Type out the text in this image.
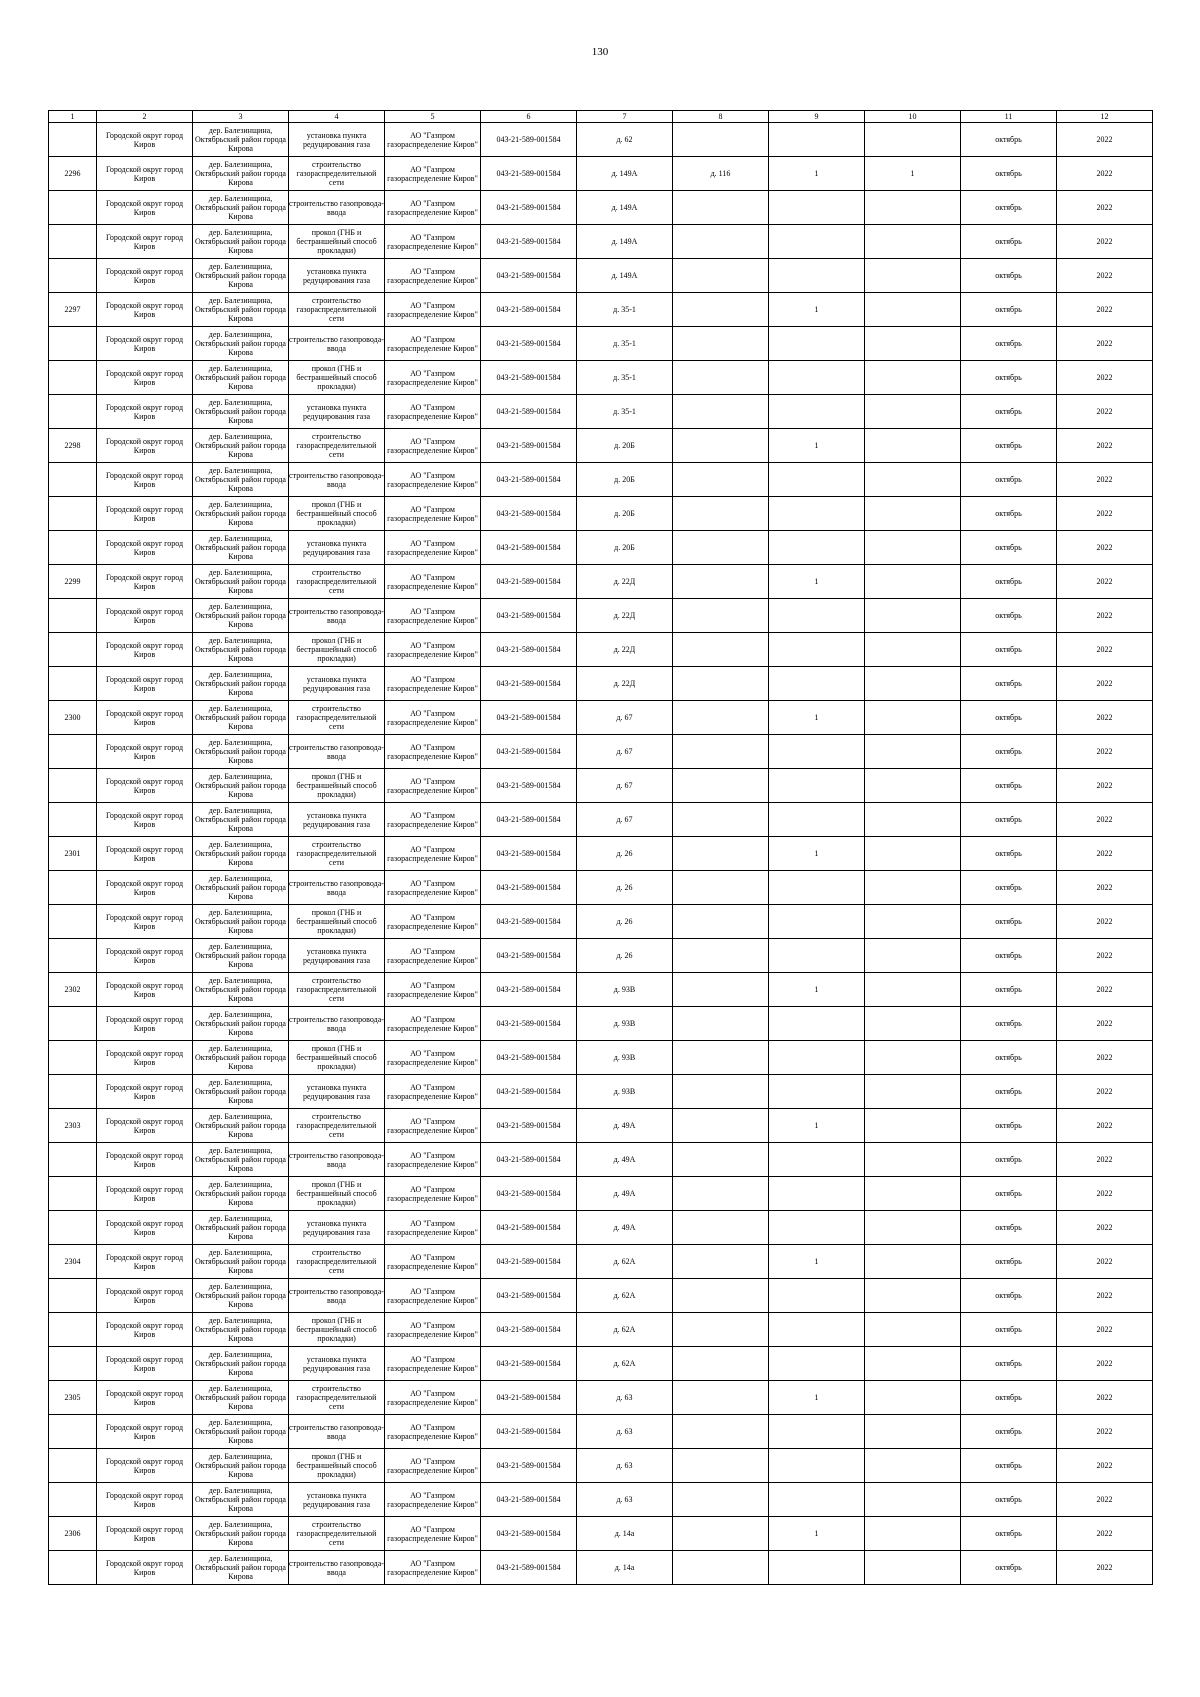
130
1	2	3	4	5	6	7	8	9	10	11	12
	Городской округ город Киров	дер. Балезинщина, Октябрьский район города Кирова	установка пункта редуцирования газа	АО "Газпром газораспределение Киров"	043-21-589-001584	д. 62				октябрь	2022
2296	Городской округ город Киров	дер. Балезинщина, Октябрьский район города Кирова	строительство газораспределительной сети	АО "Газпром газораспределение Киров"	043-21-589-001584	д. 149А	д. 116	1	1	октябрь	2022
	Городской округ город Киров	дер. Балезинщина, Октябрьский район города Кирова	строительство газопровода-ввода	АО "Газпром газораспределение Киров"	043-21-589-001584	д. 149А				октябрь	2022
	Городской округ город Киров	дер. Балезинщина, Октябрьский район города Кирова	прокол (ГНБ и бестраншейный способ прокладки)	АО "Газпром газораспределение Киров"	043-21-589-001584	д. 149А				октябрь	2022
	Городской округ город Киров	дер. Балезинщина, Октябрьский район города Кирова	установка пункта редуцирования газа	АО "Газпром газораспределение Киров"	043-21-589-001584	д. 149А				октябрь	2022
2297	Городской округ город Киров	дер. Балезинщина, Октябрьский район города Кирова	строительство газораспределительной сети	АО "Газпром газораспределение Киров"	043-21-589-001584	д. 35-1		1		октябрь	2022
	Городской округ город Киров	дер. Балезинщина, Октябрьский район города Кирова	строительство газопровода-ввода	АО "Газпром газораспределение Киров"	043-21-589-001584	д. 35-1				октябрь	2022
	Городской округ город Киров	дер. Балезинщина, Октябрьский район города Кирова	прокол (ГНБ и бестраншейный способ прокладки)	АО "Газпром газораспределение Киров"	043-21-589-001584	д. 35-1				октябрь	2022
	Городской округ город Киров	дер. Балезинщина, Октябрьский район города Кирова	установка пункта редуцирования газа	АО "Газпром газораспределение Киров"	043-21-589-001584	д. 35-1				октябрь	2022
2298	Городской округ город Киров	дер. Балезинщина, Октябрьский район города Кирова	строительство газораспределительной сети	АО "Газпром газораспределение Киров"	043-21-589-001584	д. 20Б		1		октябрь	2022
	Городской округ город Киров	дер. Балезинщина, Октябрьский район города Кирова	строительство газопровода-ввода	АО "Газпром газораспределение Киров"	043-21-589-001584	д. 20Б				октябрь	2022
	Городской округ город Киров	дер. Балезинщина, Октябрьский район города Кирова	прокол (ГНБ и бестраншейный способ прокладки)	АО "Газпром газораспределение Киров"	043-21-589-001584	д. 20Б				октябрь	2022
	Городской округ город Киров	дер. Балезинщина, Октябрьский район города Кирова	установка пункта редуцирования газа	АО "Газпром газораспределение Киров"	043-21-589-001584	д. 20Б				октябрь	2022
2299	Городской округ город Киров	дер. Балезинщина, Октябрьский район города Кирова	строительство газораспределительной сети	АО "Газпром газораспределение Киров"	043-21-589-001584	д. 22Д		1		октябрь	2022
	Городской округ город Киров	дер. Балезинщина, Октябрьский район города Кирова	строительство газопровода-ввода	АО "Газпром газораспределение Киров"	043-21-589-001584	д. 22Д				октябрь	2022
	Городской округ город Киров	дер. Балезинщина, Октябрьский район города Кирова	прокол (ГНБ и бестраншейный способ прокладки)	АО "Газпром газораспределение Киров"	043-21-589-001584	д. 22Д				октябрь	2022
	Городской округ город Киров	дер. Балезинщина, Октябрьский район города Кирова	установка пункта редуцирования газа	АО "Газпром газораспределение Киров"	043-21-589-001584	д. 22Д				октябрь	2022
2300	Городской округ город Киров	дер. Балезинщина, Октябрьский район города Кирова	строительство газораспределительной сети	АО "Газпром газораспределение Киров"	043-21-589-001584	д. 67		1		октябрь	2022
	Городской округ город Киров	дер. Балезинщина, Октябрьский район города Кирова	строительство газопровода-ввода	АО "Газпром газораспределение Киров"	043-21-589-001584	д. 67				октябрь	2022
	Городской округ город Киров	дер. Балезинщина, Октябрьский район города Кирова	прокол (ГНБ и бестраншейный способ прокладки)	АО "Газпром газораспределение Киров"	043-21-589-001584	д. 67				октябрь	2022
	Городской округ город Киров	дер. Балезинщина, Октябрьский район города Кирова	установка пункта редуцирования газа	АО "Газпром газораспределение Киров"	043-21-589-001584	д. 67				октябрь	2022
2301	Городской округ город Киров	дер. Балезинщина, Октябрьский район города Кирова	строительство газораспределительной сети	АО "Газпром газораспределение Киров"	043-21-589-001584	д. 26		1		октябрь	2022
	Городской округ город Киров	дер. Балезинщина, Октябрьский район города Кирова	строительство газопровода-ввода	АО "Газпром газораспределение Киров"	043-21-589-001584	д. 26				октябрь	2022
	Городской округ город Киров	дер. Балезинщина, Октябрьский район города Кирова	прокол (ГНБ и бестраншейный способ прокладки)	АО "Газпром газораспределение Киров"	043-21-589-001584	д. 26				октябрь	2022
	Городской округ город Киров	дер. Балезинщина, Октябрьский район города Кирова	установка пункта редуцирования газа	АО "Газпром газораспределение Киров"	043-21-589-001584	д. 26				октябрь	2022
2302	Городской округ город Киров	дер. Балезинщина, Октябрьский район города Кирова	строительство газораспределительной сети	АО "Газпром газораспределение Киров"	043-21-589-001584	д. 93В		1		октябрь	2022
	Городской округ город Киров	дер. Балезинщина, Октябрьский район города Кирова	строительство газопровода-ввода	АО "Газпром газораспределение Киров"	043-21-589-001584	д. 93В				октябрь	2022
	Городской округ город Киров	дер. Балезинщина, Октябрьский район города Кирова	прокол (ГНБ и бестраншейный способ прокладки)	АО "Газпром газораспределение Киров"	043-21-589-001584	д. 93В				октябрь	2022
	Городской округ город Киров	дер. Балезинщина, Октябрьский район города Кирова	установка пункта редуцирования газа	АО "Газпром газораспределение Киров"	043-21-589-001584	д. 93В				октябрь	2022
2303	Городской округ город Киров	дер. Балезинщина, Октябрьский район города Кирова	строительство газораспределительной сети	АО "Газпром газораспределение Киров"	043-21-589-001584	д. 49А		1		октябрь	2022
	Городской округ город Киров	дер. Балезинщина, Октябрьский район города Кирова	строительство газопровода-ввода	АО "Газпром газораспределение Киров"	043-21-589-001584	д. 49А				октябрь	2022
	Городской округ город Киров	дер. Балезинщина, Октябрьский район города Кирова	прокол (ГНБ и бестраншейный способ прокладки)	АО "Газпром газораспределение Киров"	043-21-589-001584	д. 49А				октябрь	2022
	Городской округ город Киров	дер. Балезинщина, Октябрьский район города Кирова	установка пункта редуцирования газа	АО "Газпром газораспределение Киров"	043-21-589-001584	д. 49А				октябрь	2022
2304	Городской округ город Киров	дер. Балезинщина, Октябрьский район города Кирова	строительство газораспределительной сети	АО "Газпром газораспределение Киров"	043-21-589-001584	д. 62А		1		октябрь	2022
	Городской округ город Киров	дер. Балезинщина, Октябрьский район города Кирова	строительство газопровода-ввода	АО "Газпром газораспределение Киров"	043-21-589-001584	д. 62А				октябрь	2022
	Городской округ город Киров	дер. Балезинщина, Октябрьский район города Кирова	прокол (ГНБ и бестраншейный способ прокладки)	АО "Газпром газораспределение Киров"	043-21-589-001584	д. 62А				октябрь	2022
	Городской округ город Киров	дер. Балезинщина, Октябрьский район города Кирова	установка пункта редуцирования газа	АО "Газпром газораспределение Киров"	043-21-589-001584	д. 62А				октябрь	2022
2305	Городской округ город Киров	дер. Балезинщина, Октябрьский район города Кирова	строительство газораспределительной сети	АО "Газпром газораспределение Киров"	043-21-589-001584	д. 63		1		октябрь	2022
	Городской округ город Киров	дер. Балезинщина, Октябрьский район города Кирова	строительство газопровода-ввода	АО "Газпром газораспределение Киров"	043-21-589-001584	д. 63				октябрь	2022
	Городской округ город Киров	дер. Балезинщина, Октябрьский район города Кирова	прокол (ГНБ и бестраншейный способ прокладки)	АО "Газпром газораспределение Киров"	043-21-589-001584	д. 63				октябрь	2022
	Городской округ город Киров	дер. Балезинщина, Октябрьский район города Кирова	установка пункта редуцирования газа	АО "Газпром газораспределение Киров"	043-21-589-001584	д. 63				октябрь	2022
2306	Городской округ город Киров	дер. Балезинщина, Октябрьский район города Кирова	строительство газораспределительной сети	АО "Газпром газораспределение Киров"	043-21-589-001584	д. 14а		1		октябрь	2022
	Городской округ город Киров	дер. Балезинщина, Октябрьский район города Кирова	строительство газопровода-ввода	АО "Газпром газораспределение Киров"	043-21-589-001584	д. 14а				октябрь	2022
